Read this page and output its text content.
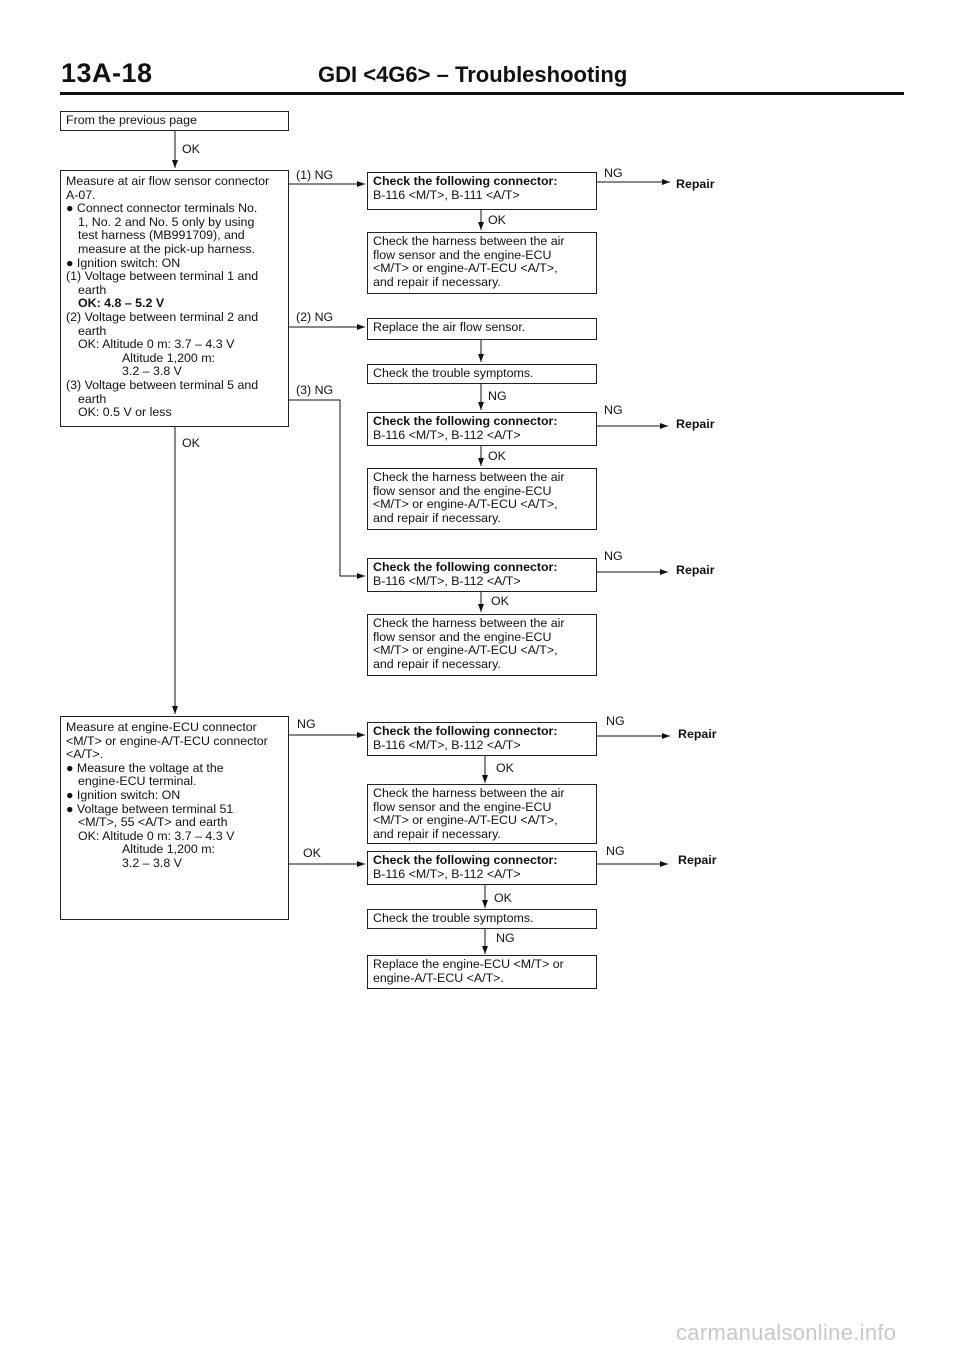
13A-18	GDI <4G6> – Troubleshooting
From the previous page
OK
Measure at air flow sensor connector
A-07.
● Connect connector terminals No.
1, No. 2 and No. 5 only by using
test harness (MB991709), and
measure at the pick-up harness.
● Ignition switch: ON
(1) Voltage between terminal 1 and
earth
OK: 4.8 – 5.2 V
(2) Voltage between terminal 2 and
earth
OK: Altitude 0 m: 3.7 – 4.3 V
Altitude 1,200 m:
3.2 – 3.8 V
(3) Voltage between terminal 5 and
earth
OK: 0.5 V or less
OK
Measure at engine-ECU connector
<M/T> or engine-A/T-ECU connector
<A/T>.
● Measure the voltage at the
engine-ECU terminal.
● Ignition switch: ON
● Voltage between terminal 51
<M/T>, 55 <A/T> and earth
OK: Altitude 0 m: 3.7 – 4.3 V
Altitude 1,200 m:
3.2 – 3.8 V
(1) NG
(2) NG
(3) NG
NG
OK
Check the following connector:
B-116 <M/T>, B-111 <A/T>
NG
Repair
OK
Check the harness between the air
flow sensor and the engine-ECU
<M/T> or engine-A/T-ECU <A/T>,
and repair if necessary.
Replace the air flow sensor.
Check the trouble symptoms.
NG
Check the following connector:
B-116 <M/T>, B-112 <A/T>
NG
Repair
OK
Check the harness between the air
flow sensor and the engine-ECU
<M/T> or engine-A/T-ECU <A/T>,
and repair if necessary.
Check the following connector:
B-116 <M/T>, B-112 <A/T>
NG
Repair
OK
Check the harness between the air
flow sensor and the engine-ECU
<M/T> or engine-A/T-ECU <A/T>,
and repair if necessary.
Check the following connector:
B-116 <M/T>, B-112 <A/T>
NG
Repair
OK
Check the harness between the air
flow sensor and the engine-ECU
<M/T> or engine-A/T-ECU <A/T>,
and repair if necessary.
Check the following connector:
B-116 <M/T>, B-112 <A/T>
NG
Repair
OK
Check the trouble symptoms.
NG
Replace the engine-ECU <M/T> or
engine-A/T-ECU <A/T>.
carmanualsonline.info
